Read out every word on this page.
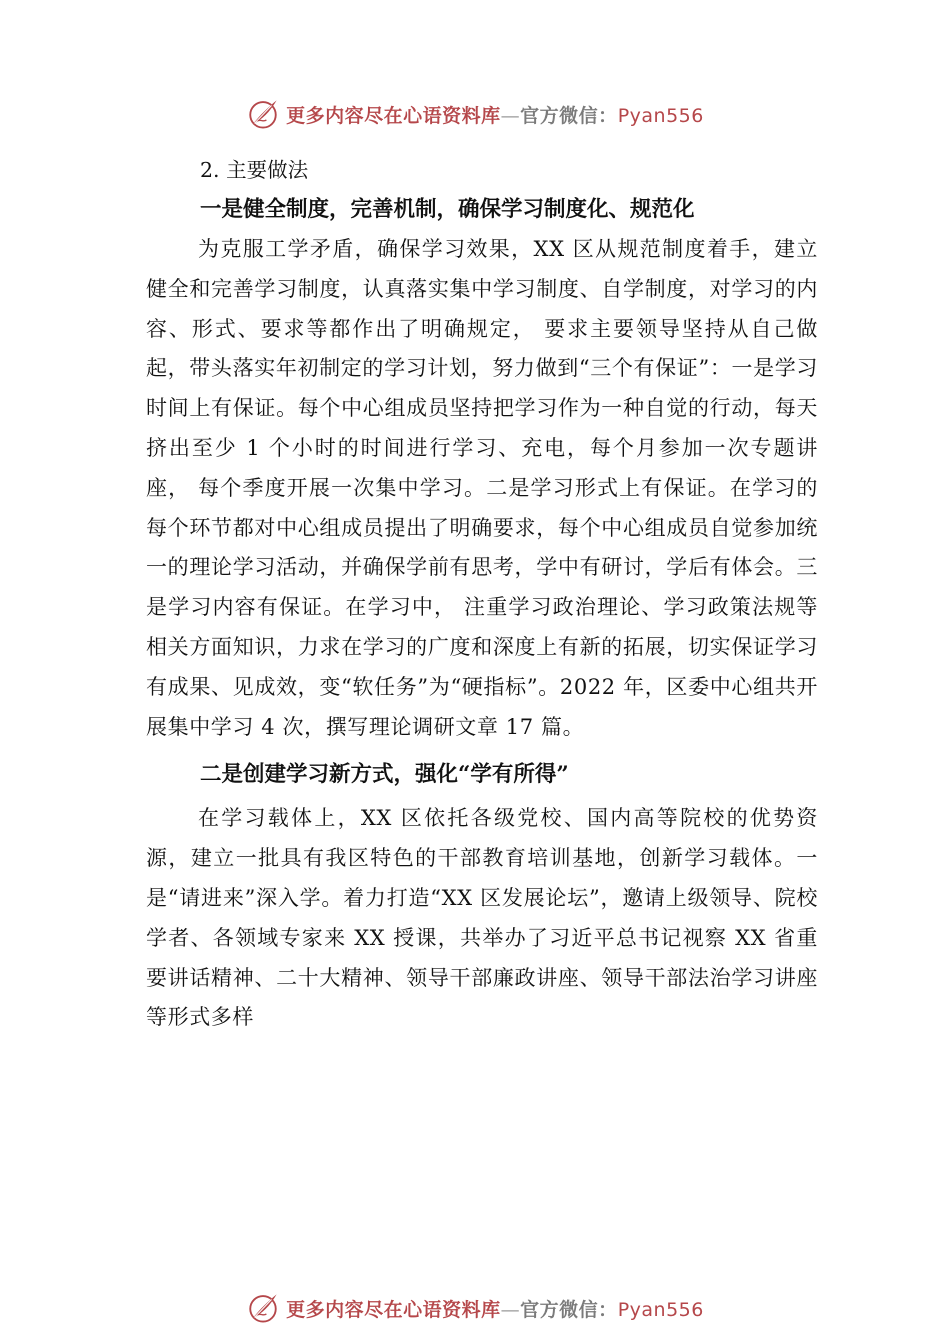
更多内容尽在心语资料库—官方微信：Pyan556
2. 主要做法
一是健全制度，完善机制，确保学习制度化、规范化

为克服工学矛盾，确保学习效果，XX 区从规范制度着手，建立健全和完善学习制度，认真落实集中学习制度、自学制度，对学习的内容、形式、要求等都作出了明确规定， 要求主要领导坚持从自己做起，带头落实年初制定的学习计划，努力做到“三个有保证”：一是学习时间上有保证。每个中心组成员坚持把学习作为一种自觉的行动，每天挤出至少 1 个小时的时间进行学习、充电，每个月参加一次专题讲座， 每个季度开展一次集中学习。二是学习形式上有保证。在学习的每个环节都对中心组成员提出了明确要求，每个中心组成员自觉参加统一的理论学习活动，并确保学前有思考，学中有研讨，学后有体会。三是学习内容有保证。在学习中， 注重学习政治理论、学习政策法规等相关方面知识，力求在学习的广度和深度上有新的拓展，切实保证学习有成果、见成效，变“软任务”为“硬指标”。2022 年，区委中心组共开展集中学习 4 次，撰写理论调研文章 17 篇。

二是创建学习新方式，强化“学有所得”

在学习载体上，XX 区依托各级党校、国内高等院校的优势资源，建立一批具有我区特色的干部教育培训基地，创新学习载体。一是“请进来”深入学。着力打造“XX 区发展论坛”，邀请上级领导、院校学者、各领域专家来 XX 授课，共举办了习近平总书记视察 XX 省重要讲话精神、二十大精神、领导干部廉政讲座、领导干部法治学习讲座等形式多样

更多内容尽在心语资料库—官方微信：Pyan556
